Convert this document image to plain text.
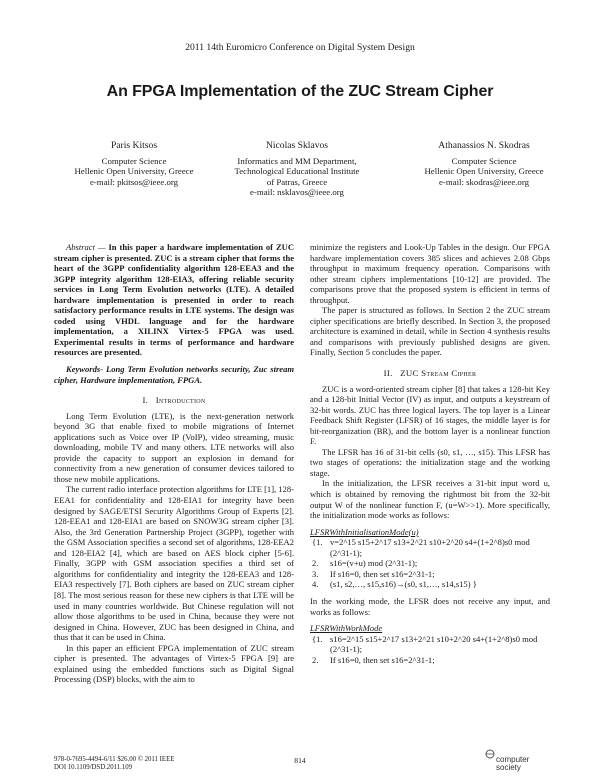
2011 14th Euromicro Conference on Digital System Design
An FPGA Implementation of the ZUC Stream Cipher
Paris Kitsos
Computer Science
Hellenic Open University, Greece
e-mail: pkitsos@ieee.org
Nicolas Sklavos
Informatics and MM Department,
Technological Educational Institute
of Patras, Greece
e-mail: nsklavos@ieee.org
Athanassios N. Skodras
Computer Science
Hellenic Open University, Greece
e-mail: skodras@ieee.org

Abstract — In this paper a hardware implementation of ZUC stream cipher is presented. ZUC is a stream cipher that forms the heart of the 3GPP confidentiality algorithm 128-EEA3 and the 3GPP integrity algorithm 128-EIA3, offering reliable security services in Long Term Evolution networks (LTE). A detailed hardware implementation is presented in order to reach satisfactory performance results in LTE systems. The design was coded using VHDL language and for the hardware implementation, a XILINX Virtex-5 FPGA was used. Experimental results in terms of performance and hardware resources are presented.

Keywords- Long Term Evolution networks security, Zuc stream cipher, Hardware implementation, FPGA.

I. Introduction

Long Term Evolution (LTE), is the next-generation network beyond 3G that enable fixed to mobile migrations of Internet applications such as Voice over IP (VoIP), video streaming, music downloading, mobile TV and many others. LTE networks will also provide the capacity to support an explosion in demand for connectivity from a new generation of consumer devices tailored to those new mobile applications.

The current radio interface protection algorithms for LTE [1], 128-EEA1 for confidentiality and 128-EIA1 for integrity have been designed by SAGE/ETSI Security Algorithms Group of Experts [2]. 128-EEA1 and 128-EIA1 are based on SNOW3G stream cipher [3]. Also, the 3rd Generation Partnership Project (3GPP), together with the GSM Association specifies a second set of algorithms, 128-EEA2 and 128-EIA2 [4], which are based on AES block cipher [5-6]. Finally, 3GPP with GSM association specifies a third set of algorithms for confidentiality and integrity the 128-EEA3 and 128-EIA3 respectively [7]. Both ciphers are based on ZUC stream cipher [8]. The most serious reason for these new ciphers is that LTE will be used in many countries worldwide. But Chinese regulation will not allow those algorithms to be used in China, because they were not designed in China. However, ZUC has been designed in China, and thus that it can be used in China.

In this paper an efficient FPGA implementation of ZUC stream cipher is presented. The advantages of Virtex-5 FPGA [9] are explained using the embedded functions such as Digital Signal Processing (DSP) blocks, with the aim to

minimize the registers and Look-Up Tables in the design. Our FPGA hardware implementation covers 385 slices and achieves 2.08 Gbps throughput in maximum frequency operation. Comparisons with other stream ciphers implementations [10-12] are provided. The comparisons prove that the proposed system is efficient in terms of throughput.

The paper is structured as follows. In Section 2 the ZUC stream cipher specifications are briefly described. In Section 3, the proposed architecture is examined in detail, while in Section 4 synthesis results and comparisons with previously published designs are given. Finally, Section 5 concludes the paper.

II. ZUC Stream Cipher

ZUC is a word-oriented stream cipher [8] that takes a 128-bit Key and a 128-bit Initial Vector (IV) as input, and outputs a keystream of 32-bit words. ZUC has three logical layers. The top layer is a Linear Feedback Shift Register (LFSR) of 16 stages, the middle layer is for bit-reorganization (BR), and the bottom layer is a nonlinear function F.

The LFSR has 16 of 31-bit cells (s0, s1, …, s15). This LFSR has two stages of operations: the initialization stage and the working stage.

In the initialization, the LFSR receives a 31-bit input word u, which is obtained by removing the rightmost bit from the 32-bit output W of the nonlinear function F, (u=W>>1). More specifically, the initialization mode works as follows:

LFSRWithInitialisationMode(u)
{1. v=2^15 s15+2^17 s13+2^21 s10+2^20 s4+(1+2^8)s0 mod (2^31-1);
2.	s16=(v+u) mod (2^31-1);
3.	If s16=0, then set s16=2^31-1;
4.	(s1, s2,…, s15,s16)→(s0, s1,…, s14,s15) }

In the working mode, the LFSR does not receive any input, and works as follows:

LFSRWithWorkMode
{1. s16=2^15 s15+2^17 s13+2^21 s10+2^20 s4+(1+2^8)s0 mod (2^31-1);
2.	If s16=0, then set s16=2^31-1;
978-0-7695-4494-6/11 $26.00 © 2011 IEEE
DOI 10.1109/DSD.2011.109
814	computer society
